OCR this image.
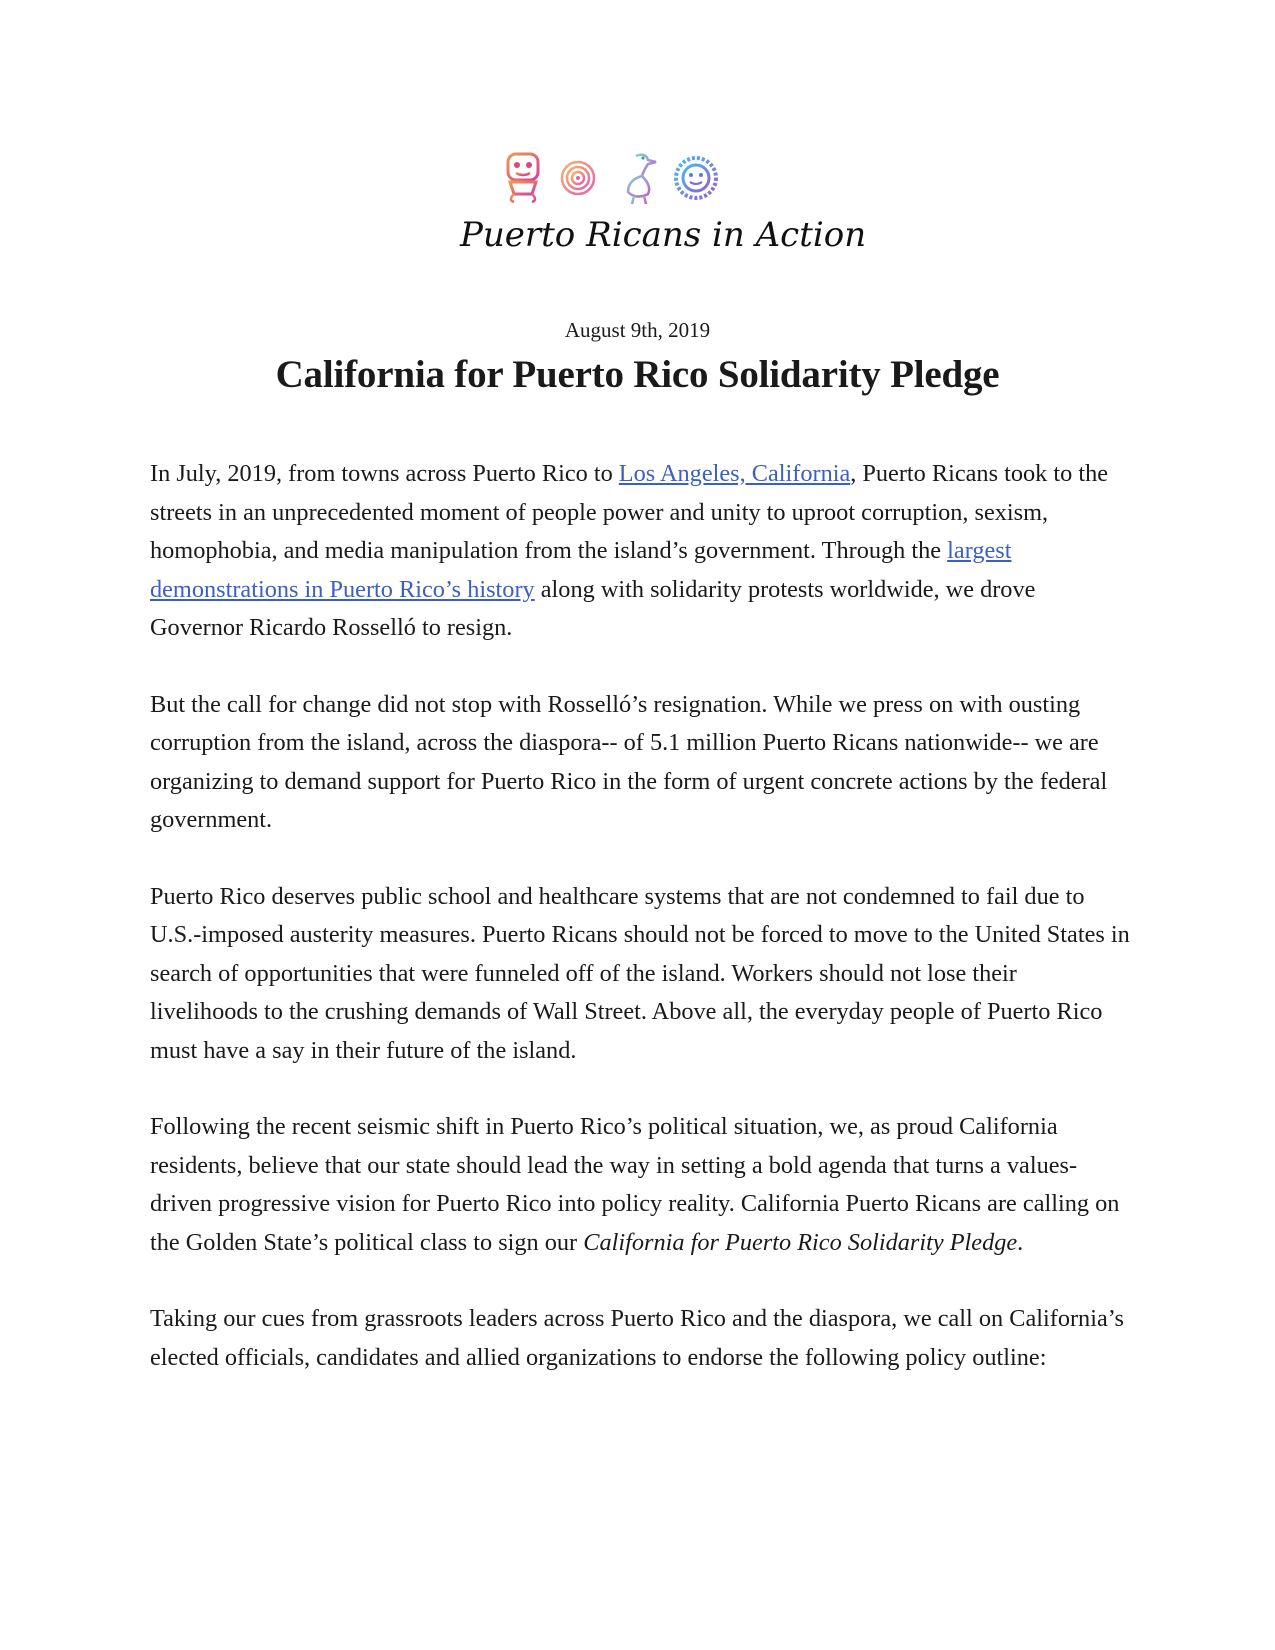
Puerto Ricans in Action

August 9th, 2019

California for Puerto Rico Solidarity Pledge

In July, 2019, from towns across Puerto Rico to Los Angeles, California, Puerto Ricans took to the streets in an unprecedented moment of people power and unity to uproot corruption, sexism, homophobia, and media manipulation from the island’s government. Through the largest demonstrations in Puerto Rico’s history along with solidarity protests worldwide, we drove Governor Ricardo Rosselló to resign.

But the call for change did not stop with Rosselló’s resignation. While we press on with ousting corruption from the island, across the diaspora-- of 5.1 million Puerto Ricans nationwide-- we are organizing to demand support for Puerto Rico in the form of urgent concrete actions by the federal government.

Puerto Rico deserves public school and healthcare systems that are not condemned to fail due to U.S.-imposed austerity measures. Puerto Ricans should not be forced to move to the United States in search of opportunities that were funneled off of the island. Workers should not lose their livelihoods to the crushing demands of Wall Street. Above all, the everyday people of Puerto Rico must have a say in their future of the island.

Following the recent seismic shift in Puerto Rico’s political situation, we, as proud California residents, believe that our state should lead the way in setting a bold agenda that turns a values-driven progressive vision for Puerto Rico into policy reality. California Puerto Ricans are calling on the Golden State’s political class to sign our California for Puerto Rico Solidarity Pledge.

Taking our cues from grassroots leaders across Puerto Rico and the diaspora, we call on California’s elected officials, candidates and allied organizations to endorse the following policy outline:
